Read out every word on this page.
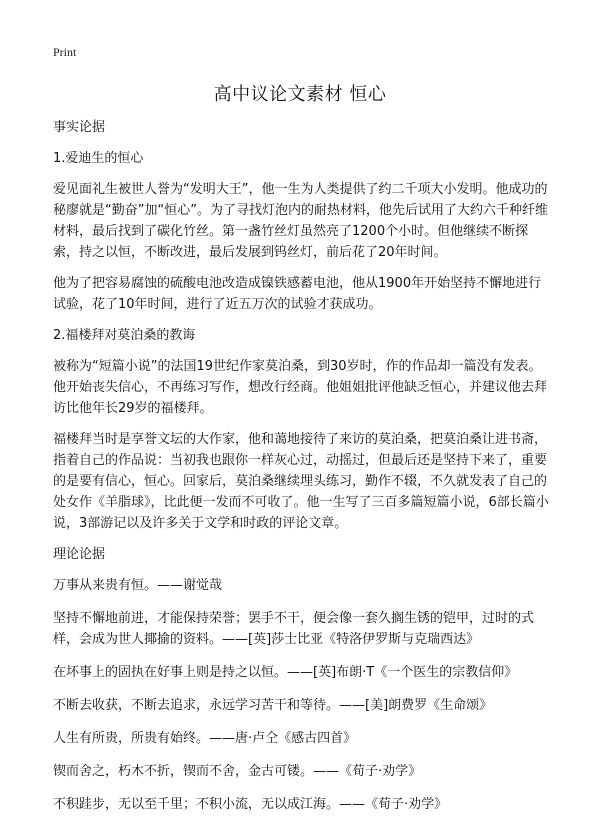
Print
高中议论文素材 恒心

事实论据

1.爱迪生的恒心

爱见面礼生被世人誉为“发明大王”，他一生为人类提供了约二千项大小发明。他成功的秘廖就是“勤奋”加“恒心”。为了寻找灯泡内的耐热材料，他先后试用了大约六千种纤维材料，最后找到了碳化竹丝。第一盏竹丝灯虽然亮了1200个小时。但他继续不断探索，持之以恒，不断改进，最后发展到钨丝灯，前后花了20年时间。

他为了把容易腐蚀的硫酸电池改造成镍铁感蓄电池，他从1900年开始坚持不懈地进行试验，花了10年时间，进行了近五万次的试验才获成功。

2.福楼拜对莫泊桑的教诲

被称为“短篇小说”的法国19世纪作家莫泊桑，到30岁时，作的作品却一篇没有发表。他开始丧失信心，不再练习写作，想改行经商。他姐姐批评他缺乏恒心，并建议他去拜访比他年长29岁的福楼拜。

福楼拜当时是享誉文坛的大作家，他和蔼地接待了来访的莫泊桑，把莫泊桑让进书斋，指着自己的作品说：当初我也跟你一样灰心过，动摇过，但最后还是坚持下来了，重要的是要有信心，恒心。回家后，莫泊桑继续埋头练习，勤作不辍，不久就发表了自己的处女作《羊脂球》，比此便一发而不可收了。他一生写了三百多篇短篇小说，6部长篇小说，3部游记以及许多关于文学和时政的评论文章。

理论论据

万事从来贵有恒。——谢觉哉

坚持不懈地前进，才能保持荣誉；罢手不干，便会像一套久搁生锈的铠甲，过时的式样，会成为世人揶揄的资料。——[英]莎士比亚《特洛伊罗斯与克瑞西达》

在坏事上的固执在好事上则是持之以恒。——[英]布朗·T《一个医生的宗教信仰》

不断去收获，不断去追求，永远学习苦干和等待。——[美]朗费罗《生命颂》

人生有所贵，所贵有始终。——唐·卢仝《感古四首》

锲而舍之，朽木不折，锲而不舍，金古可镂。——《荀子·劝学》

不积跬步，无以至千里；不积小流，无以成江海。——《荀子·劝学》
